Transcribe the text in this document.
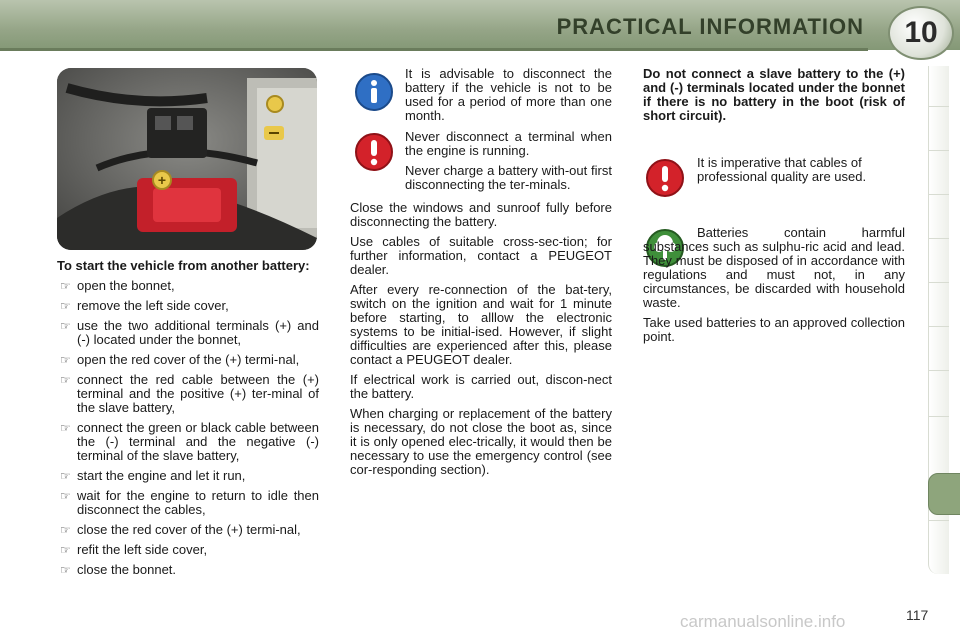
PRACTICAL INFORMATION	10
+

To start the vehicle from another battery:

☞ open the bonnet,
☞ remove the left side cover,
☞ use the two additional terminals (+) and (-) located under the bonnet,
☞ open the red cover of the (+) termi-nal,
☞ connect the red cable between the (+) terminal and the positive (+) ter-minal of the slave battery,
☞ connect the green or black cable between the (-) terminal and the negative (-) terminal of the slave battery,
☞ start the engine and let it run,
☞ wait for the engine to return to idle then disconnect the cables,
☞ close the red cover of the (+) termi-nal,
☞ refit the left side cover,
☞ close the bonnet.
It is advisable to disconnect the battery if the vehicle is not to be used for a period of more than one month.
Never disconnect a terminal when the engine is running.
Never charge a battery with-out first disconnecting the ter-minals.

Close the windows and sunroof fully before disconnecting the battery.

Use cables of suitable cross-sec-tion; for further information, contact a PEUGEOT dealer.

After every re-connection of the bat-tery, switch on the ignition and wait for 1 minute before starting, to alllow the electronic systems to be initial-ised. However, if slight difficulties are experienced after this, please contact a PEUGEOT dealer.

If electrical work is carried out, discon-nect the battery.

When charging or replacement of the battery is necessary, do not close the boot as, since it is only opened elec-trically, it would then be necessary to use the emergency control (see cor-responding section).

Do not connect a slave battery to the (+) and (-) terminals located under the bonnet if there is no battery in the boot (risk of short circuit).
It is imperative that cables of professional quality are used.

Batteries contain harmful substances such as sulphu-ric acid and lead. They must be disposed of in accordance with regulations and must not, in any circumstances, be discarded with household waste.

Take used batteries to an approved collection point.

carmanualsonline.info	117
